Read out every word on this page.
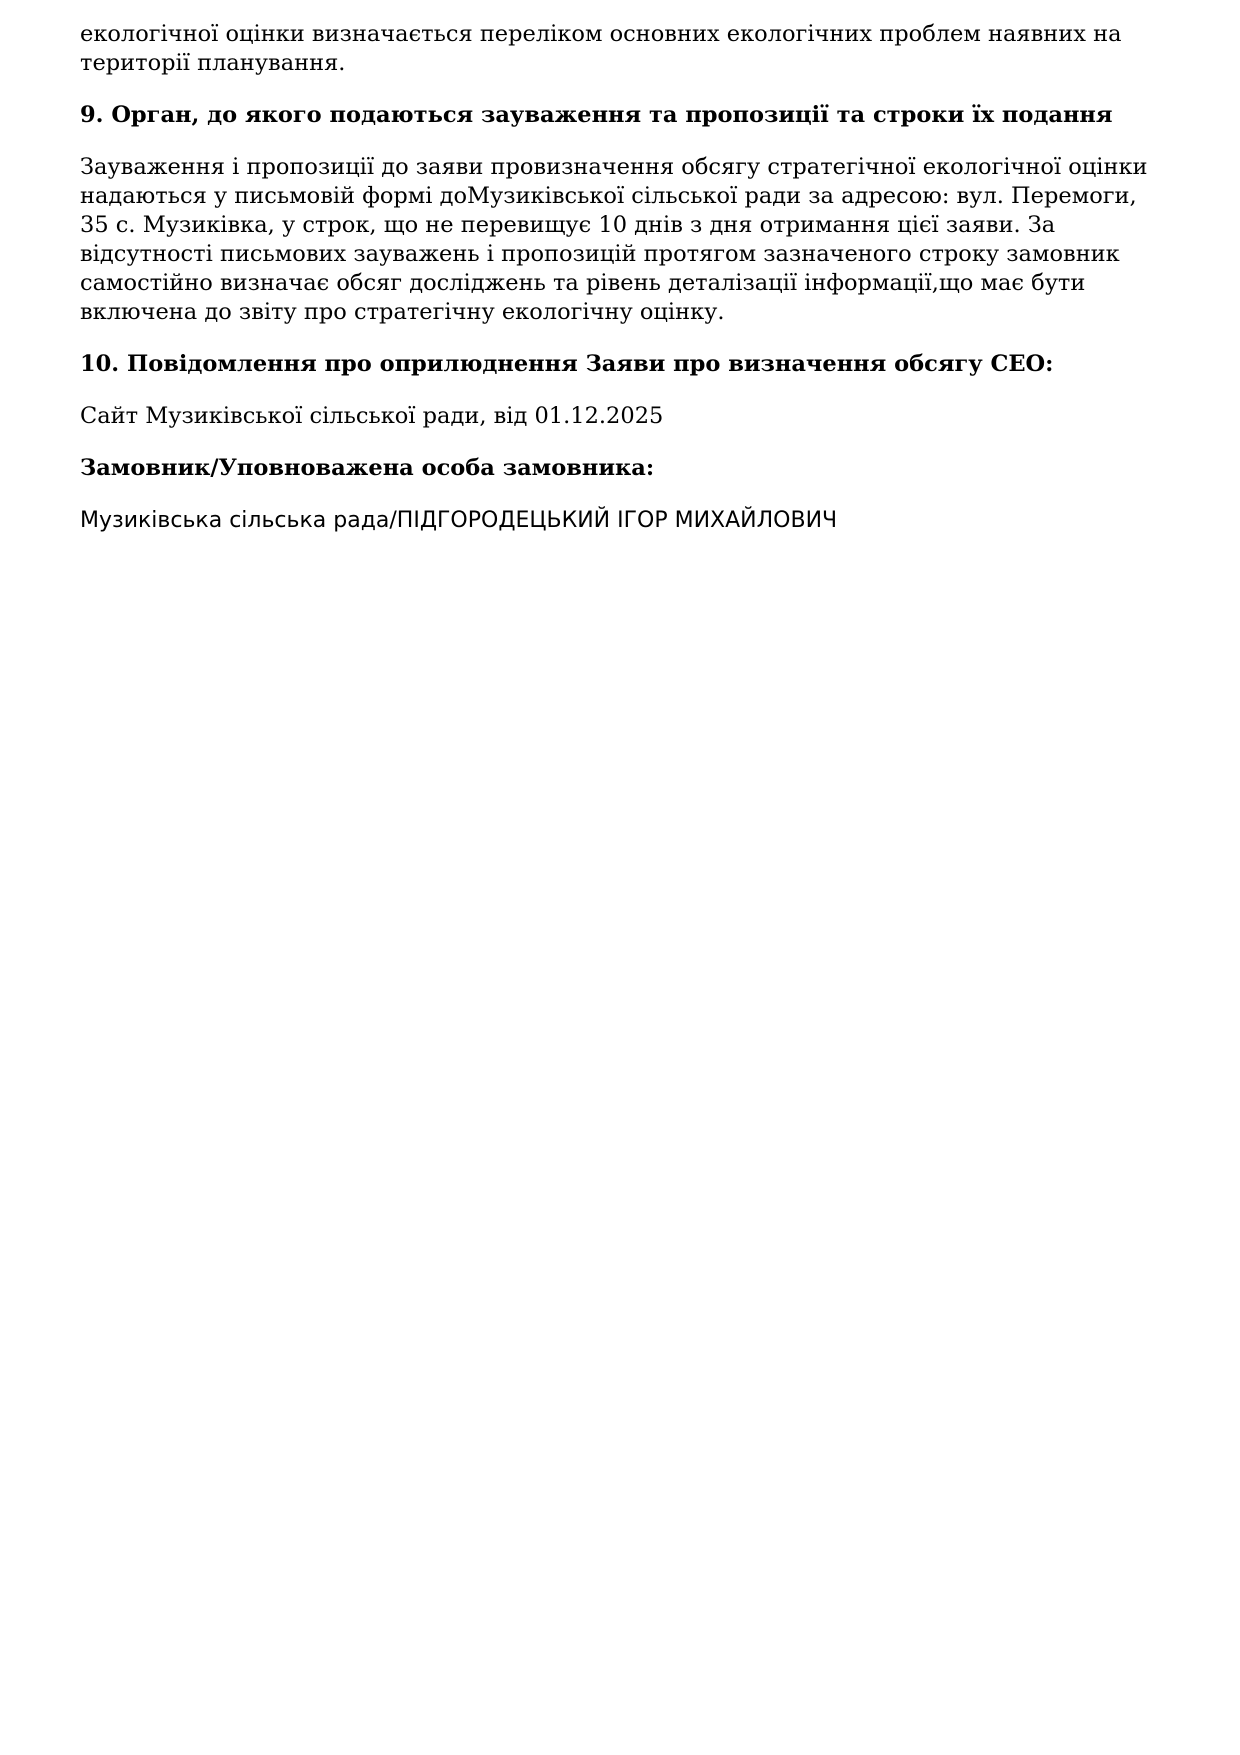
екологічної оцінки визначається переліком основних екологічних проблем наявних на території планування.

9. Орган, до якого подаються зауваження та пропозиції та строки їх подання

Зауваження і пропозиції до заяви провизначення обсягу стратегічної екологічної оцінки надаються у письмовій формі доМузиківської сільської ради за адресою: вул. Перемоги, 35 с. Музиківка, у строк, що не перевищує 10 днів з дня отримання цієї заяви. За відсутності письмових зауважень і пропозицій протягом зазначеного строку замовник самостійно визначає обсяг досліджень та рівень деталізації інформації,що має бути включена до звіту про стратегічну екологічну оцінку.

10. Повідомлення про оприлюднення Заяви про визначення обсягу СЕО:

Сайт Музиківської сільської ради, від 01.12.2025

Замовник/Уповноважена особа замовника:

Музиківська сільська рада/ПІДГОРОДЕЦЬКИЙ ІГОР МИХАЙЛОВИЧ
